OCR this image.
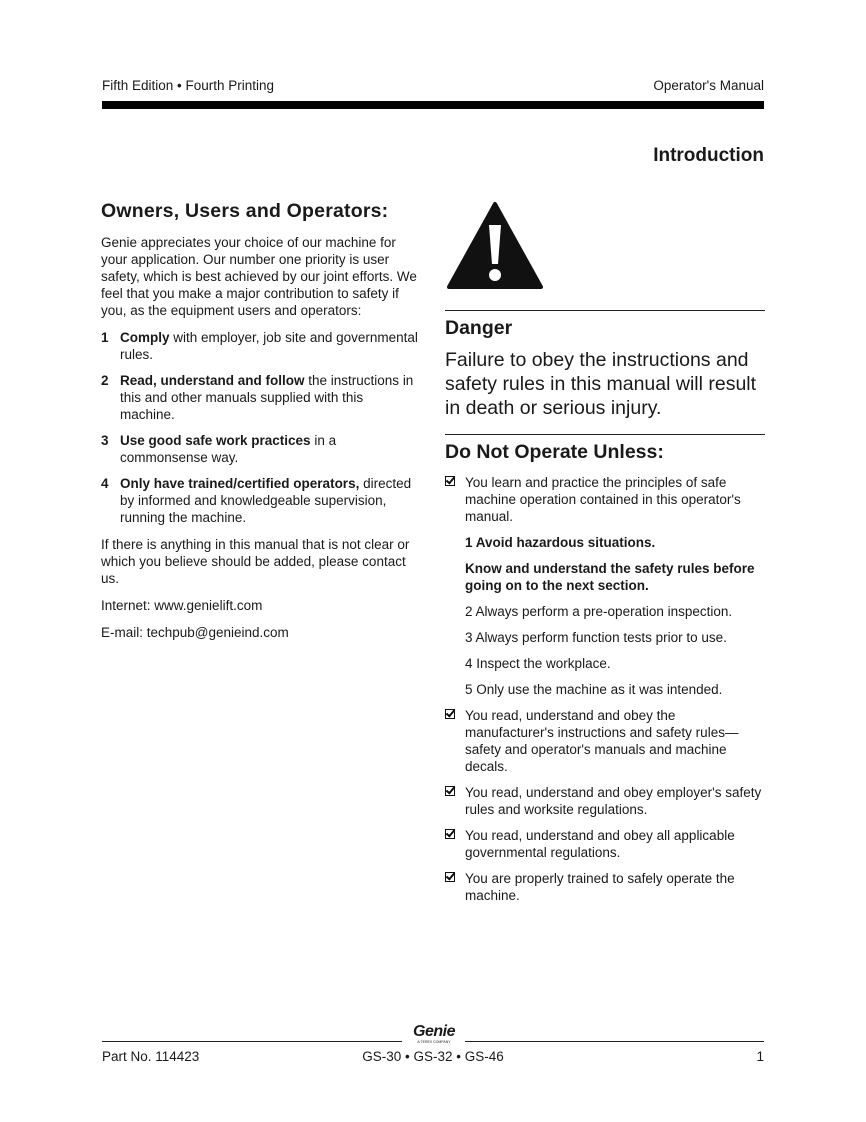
Fifth Edition • Fourth Printing	Operator's Manual
Introduction
Owners, Users and Operators:

Genie appreciates your choice of our machine for your application. Our number one priority is user safety, which is best achieved by our joint efforts. We feel that you make a major contribution to safety if you, as the equipment users and operators:

1 Comply with employer, job site and governmental rules.
2 Read, understand and follow the instructions in this and other manuals supplied with this machine.
3 Use good safe work practices in a commonsense way.
4 Only have trained/certified operators, directed by informed and knowledgeable supervision, running the machine.

If there is anything in this manual that is not clear or which you believe should be added, please contact us.

Internet: www.genielift.com

E-mail: techpub@genieind.com

Danger
Failure to obey the instructions and safety rules in this manual will result in death or serious injury.
Do Not Operate Unless:
You learn and practice the principles of safe machine operation contained in this operator's manual.
1 Avoid hazardous situations.
Know and understand the safety rules before going on to the next section.
2 Always perform a pre-operation inspection.
3 Always perform function tests prior to use.
4 Inspect the workplace.
5 Only use the machine as it was intended.
You read, understand and obey the manufacturer's instructions and safety rules—safety and operator's manuals and machine decals.
You read, understand and obey employer's safety rules and worksite regulations.
You read, understand and obey all applicable governmental regulations.
You are properly trained to safely operate the machine.
Genie
A TEREX COMPANY
Part No. 114423	GS-30 • GS-32 • GS-46	1
